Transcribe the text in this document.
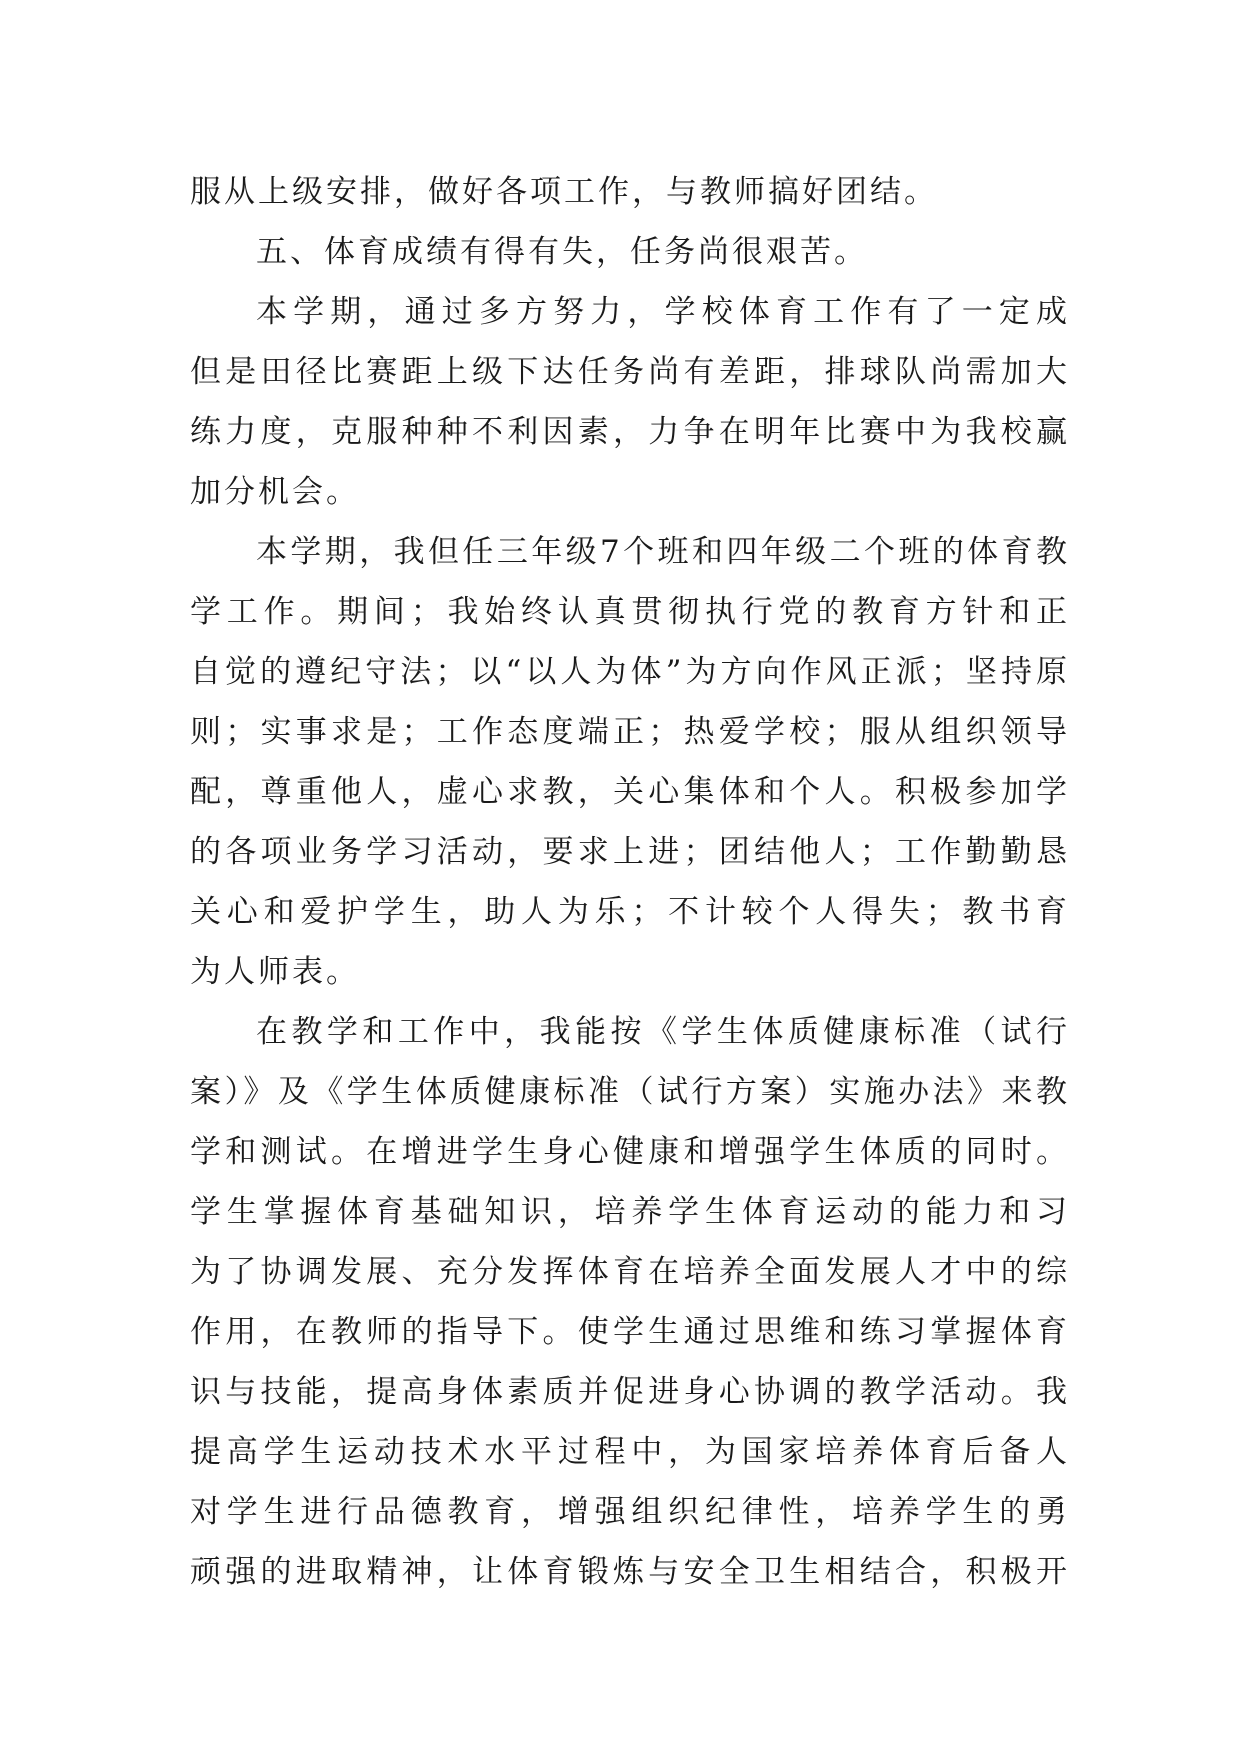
服从上级安排，做好各项工作，与教师搞好团结。
五、体育成绩有得有失，任务尚很艰苦。
本学期，通过多方努力，学校体育工作有了一定成
但是田径比赛距上级下达任务尚有差距，排球队尚需加大
练力度，克服种种不利因素，力争在明年比赛中为我校赢
加分机会。
本学期，我但任三年级7个班和四年级二个班的体育教
学工作。期间；我始终认真贯彻执行党的教育方针和正
自觉的遵纪守法；以“以人为体”为方向作风正派；坚持原
则；实事求是；工作态度端正；热爱学校；服从组织领导
配，尊重他人，虚心求教，关心集体和个人。积极参加学
的各项业务学习活动，要求上进；团结他人；工作勤勤恳
关心和爱护学生，助人为乐；不计较个人得失；教书育
为人师表。
在教学和工作中，我能按《学生体质健康标准（试行
案）》及《学生体质健康标准（试行方案）实施办法》来教
学和测试。在增进学生身心健康和增强学生体质的同时。
学生掌握体育基础知识，培养学生体育运动的能力和习
为了协调发展、充分发挥体育在培养全面发展人才中的综
作用，在教师的指导下。使学生通过思维和练习掌握体育
识与技能，提高身体素质并促进身心协调的教学活动。我
提高学生运动技术水平过程中，为国家培养体育后备人
对学生进行品德教育，增强组织纪律性，培养学生的勇
顽强的进取精神，让体育锻炼与安全卫生相结合，积极开
